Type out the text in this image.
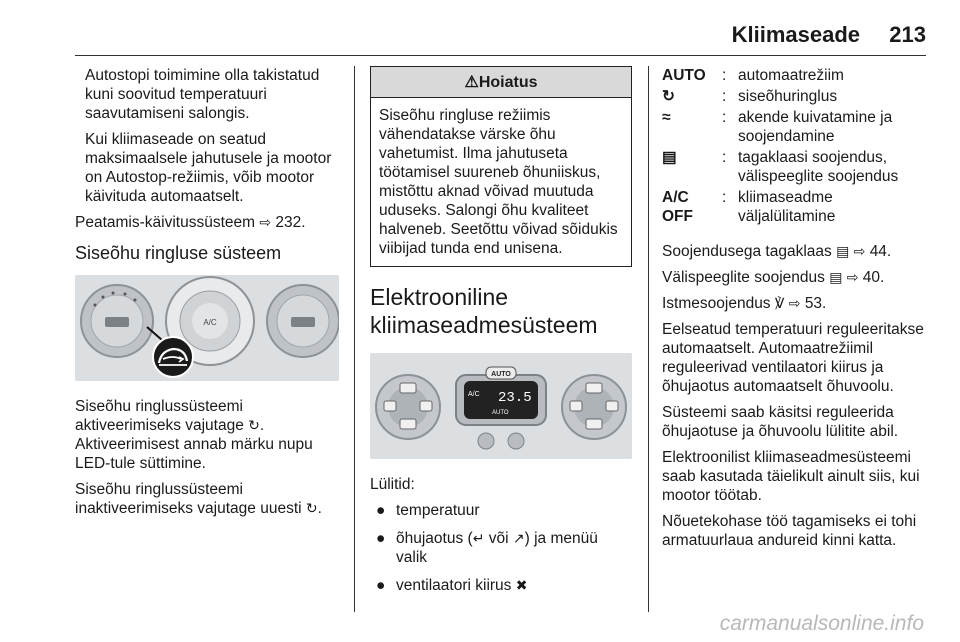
Kliimaseade 213

Autostopi toimimine olla takistatud kuni soovitud temperatuuri saavutamiseni salongis.

Kui kliimaseade on seatud maksimaalsele jahutusele ja mootor on Autostop-režiimis, võib mootor käivituda automaatselt.

Peatamis-käivitussüsteem ⇨ 232.

Siseõhu ringluse süsteem
A/C

Siseõhu ringlussüsteemi aktiveerimiseks vajutage ↻. Aktiveerimisest annab märku nupu LED-tule süttimine.

Siseõhu ringlussüsteemi inaktiveerimiseks vajutage uuesti ↻.

⚠Hoiatus
Siseõhu ringluse režiimis vähendatakse värske õhu vahetumist. Ilma jahutuseta töötamisel suureneb õhuniiskus, mistõttu aknad võivad muutuda uduseks. Salongi õhu kvaliteet halveneb. Seetõttu võivad sõidukis viibijad tunda end unisena.
Elektrooniline kliimaseadmesüsteem
AUTO
A/C 23.5
AUTO

Lülitid:

● temperatuur
● õhujaotus (↵ või ↗) ja menüü valik
● ventilaatori kiirus ✖
AUTO	: automaatrežiim
↻	: siseõhuringlus
≈	: akende kuivatamine ja soojendamine
▤	: tagaklaasi soojendus, välispeeglite soojendus
A/C OFF
: kliimaseadme väljalülitamine

Soojendusega tagaklaas ▤ ⇨ 44.

Välispeeglite soojendus ▤ ⇨ 40.

Istmesoojendus ℣ ⇨ 53.

Eelseatud temperatuuri reguleeritakse automaatselt. Automaatrežiimil reguleerivad ventilaatori kiirus ja õhujaotus automaatselt õhuvoolu.

Süsteemi saab käsitsi reguleerida õhujaotuse ja õhuvoolu lülitite abil.

Elektroonilist kliimaseadmesüsteemi saab kasutada täielikult ainult siis, kui mootor töötab.

Nõuetekohase töö tagamiseks ei tohi armatuurlaua andureid kinni katta.

carmanualsonline.info
